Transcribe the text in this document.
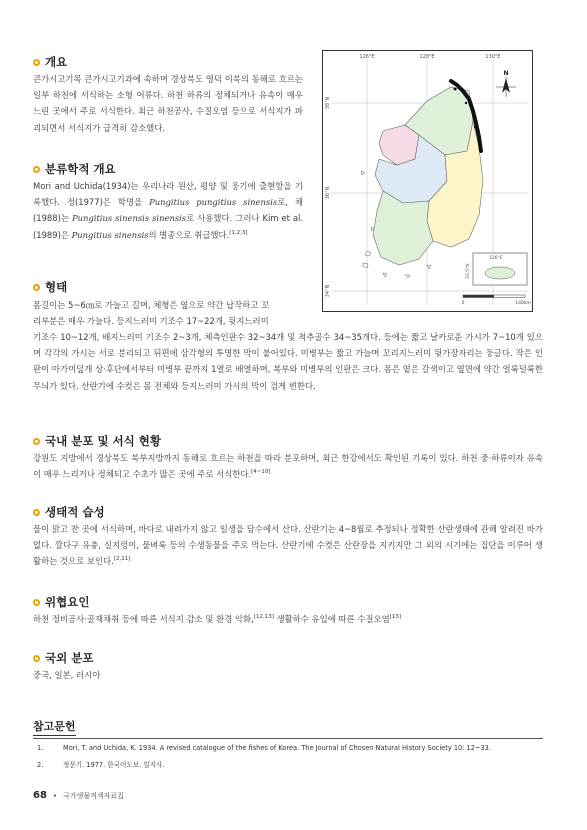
개요

큰가시고기목 큰가시고기과에 속하며 경상북도 영덕 이북의 동해로 흐르는 일부 하천에 서식하는 소형 어류다. 하천 하류의 정체되거나 유속이 매우 느린 곳에서 주로 서식한다. 최근 하천공사, 수질오염 등으로 서식지가 파괴되면서 서식지가 급격히 감소했다.

분류학적 개요

Mori and Uchida(1934)는 우리나라 원산, 평양 및 웅기에 출현함을 기록했다. 정(1977)은 학명을 Pungitius pungitius sinensis로, 채(1988)는 Pungitius sinensis sinensis로 사용했다. 그러나 Kim et al.(1989)은 Pungitius sinensis의 별종으로 취급했다.[1,2,3]

형태

몸길이는 5~6㎝로 가늘고 길며, 체형은 옆으로 약간 납작하고 꼬

리부분은 매우 가늘다. 등지느러미 기조수 17~22개, 뒷지느러미

기조수 10~12개, 배지느러미 기조수 2~3개, 체측인판수 32~34개 및 척추골수 34~35개다. 등에는 짧고 날카로운 가시가 7~10개 있으며 각각의 가시는 서로 분리되고 뒤편에 삼각형의 투명한 막이 붙어있다. 미병부는 짧고 가늘며 꼬리지느러미 뒷가장자리는 둥글다. 작은 인판이 아가미덮개 상·후단에서부터 미병부 끝까지 1열로 배열하며, 복부와 미병부의 인판은 크다. 몸은 옅은 갈색이고 옆면에 약간 얼룩덜룩한 무늬가 있다. 산란기에 수컷은 몸 전체와 등지느러미 가시의 막이 검게 변한다.

국내 분포 및 서식 현황

강원도 지방에서 경상북도 북부지방까지 동해로 흐르는 하천을 따라 분포하며, 최근 한강에서도 확인된 기록이 있다. 하천 중·하류이자 유속이 매우 느리거나 정체되고 수초가 많은 곳에 주로 서식한다.[4~10]

생태적 습성

물이 맑고 찬 곳에 서식하며, 바다로 내려가지 않고 일생을 담수에서 산다. 산란기는 4~8월로 추정되나 정확한 산란생태에 관해 알려진 바가 없다. 깔다구 유충, 실지렁이, 물벼룩 등의 수생동물을 주로 먹는다. 산란기에 수컷은 산란장을 지키지만 그 외의 시기에는 집단을 이루어 생활하는 것으로 보인다.[2,11]

위협요인

하천 정비공사·골재채취 등에 따른 서식지 감소 및 환경 악화,[12,13] 생활하수 유입에 따른 수질오염[13]

국외 분포

중국, 일본, 러시아

126°E	128°E	130°E
38°N
36°N
34°N
N
126°E
33.5°N
0	140km
참고문헌
1.	Mori, T. and Uchida, K. 1934. A revised catalogue of the fishes of Korea. The Journal of Chosen Natural History Society 10: 12~33.
2.	정문기. 1977. 한국어도보. 일지사.
68 • 국가생물적색자료집
